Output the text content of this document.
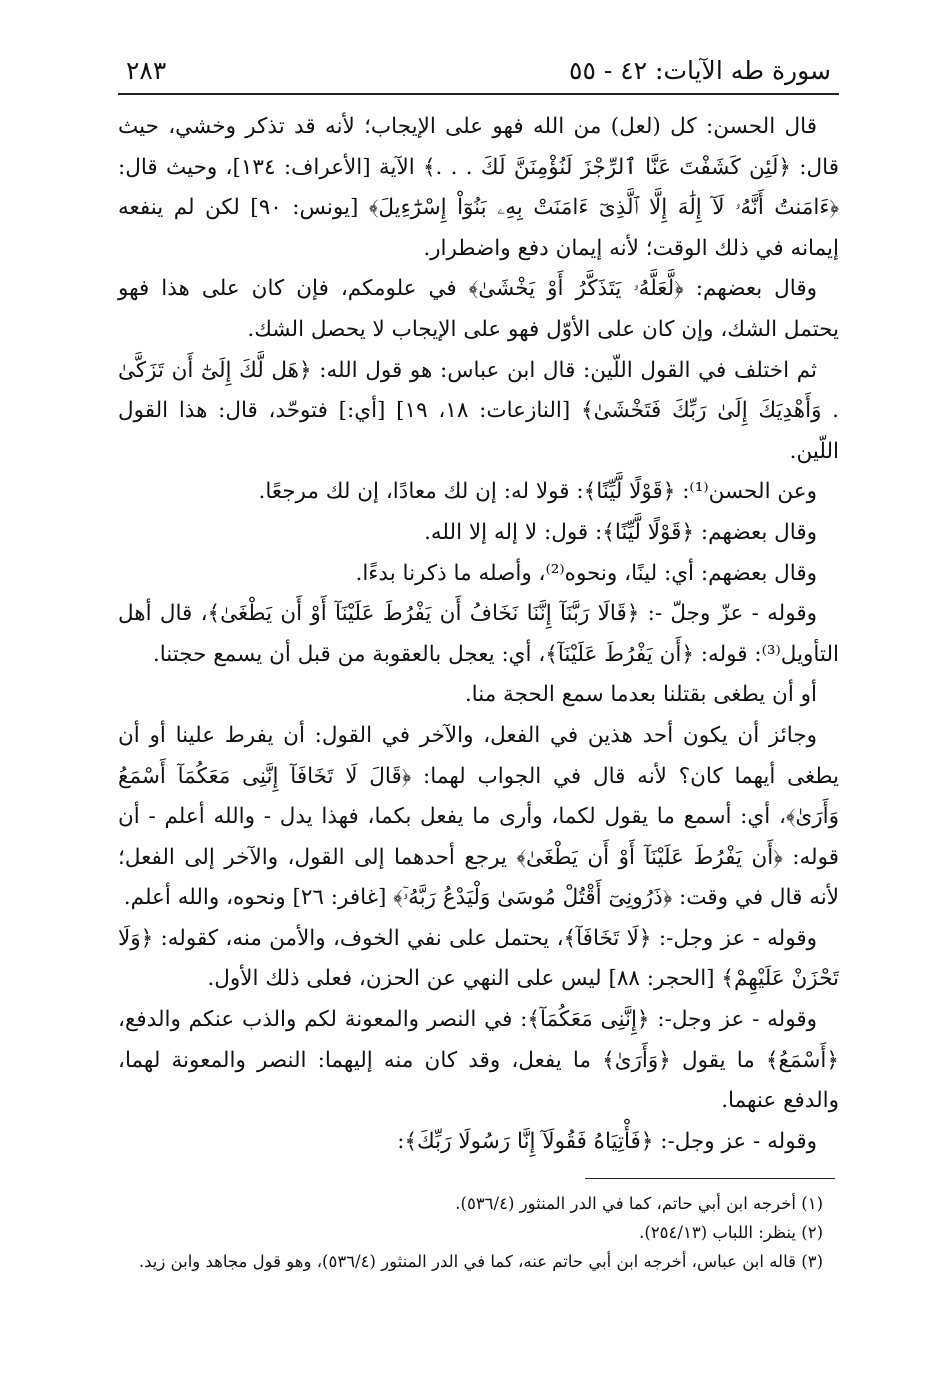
سورة طه الآيات: ٤٢ - ٥٥
٢٨٣

قال الحسن: كل (لعل) من الله فهو على الإيجاب؛ لأنه قد تذكر وخشي، حيث قال: ﴿لَئِن كَشَفْتَ عَنَّا ٱلرِّجْزَ لَنُؤْمِنَنَّ لَكَ . . .﴾ الآية [الأعراف: ١٣٤]، وحيث قال: ﴿ءَامَنتُ أَنَّهُۥ لَآ إِلَٰهَ إِلَّا ٱلَّذِىٓ ءَامَنَتْ بِهِۦ بَنُوٓاْ إِسْرَٰٓءِيلَ﴾ [يونس: ٩٠] لكن لم ينفعه إيمانه في ذلك الوقت؛ لأنه إيمان دفع واضطرار.

وقال بعضهم: ﴿لَّعَلَّهُۥ يَتَذَكَّرُ أَوْ يَخْشَىٰ﴾ في علومكم، فإن كان على هذا فهو يحتمل الشك، وإن كان على الأوّل فهو على الإيجاب لا يحصل الشك.

ثم اختلف في القول اللّين: قال ابن عباس: هو قول الله: ﴿هَل لَّكَ إِلَىٰٓ أَن تَزَكَّىٰ . وَأَهْدِيَكَ إِلَىٰ رَبِّكَ فَتَخْشَىٰ﴾ [النازعات: ١٨، ١٩] [أي:] فتوحّد، قال: هذا القول اللّين.

وعن الحسن⁽¹⁾: ﴿قَوْلًا لَّيِّنًا﴾: قولا له: إن لك معادًا، إن لك مرجعًا.

وقال بعضهم: ﴿قَوْلًا لَّيِّنًا﴾: قول: لا إله إلا الله.

وقال بعضهم: أي: لينًا، ونحوه⁽²⁾، وأصله ما ذكرنا بدءًا.

وقوله - عزّ وجلّ -: ﴿قَالَا رَبَّنَآ إِنَّنَا نَخَافُ أَن يَفْرُطَ عَلَيْنَآ أَوْ أَن يَطْغَىٰ﴾، قال أهل التأويل⁽³⁾: قوله: ﴿أَن يَفْرُطَ عَلَيْنَآ﴾، أي: يعجل بالعقوبة من قبل أن يسمع حجتنا.

أو أن يطغى بقتلنا بعدما سمع الحجة منا.

وجائز أن يكون أحد هذين في الفعل، والآخر في القول: أن يفرط علينا أو أن يطغى أيهما كان؟ لأنه قال في الجواب لهما: ﴿قَالَ لَا تَخَافَآ إِنَّنِى مَعَكُمَآ أَسْمَعُ وَأَرَىٰ﴾، أي: أسمع ما يقول لكما، وأرى ما يفعل بكما، فهذا يدل - والله أعلم - أن قوله: ﴿أَن يَفْرُطَ عَلَيْنَآ أَوْ أَن يَطْغَىٰ﴾ يرجع أحدهما إلى القول، والآخر إلى الفعل؛ لأنه قال في وقت: ﴿ذَرُونِىٓ أَقْتُلْ مُوسَىٰ وَلْيَدْعُ رَبَّهُۥٓ﴾ [غافر: ٢٦] ونحوه، والله أعلم.

وقوله - عز وجل-: ﴿لَا تَخَافَآ﴾، يحتمل على نفي الخوف، والأمن منه، كقوله: ﴿وَلَا تَحْزَنْ عَلَيْهِمْ﴾ [الحجر: ٨٨] ليس على النهي عن الحزن، فعلى ذلك الأول.

وقوله - عز وجل-: ﴿إِنَّنِى مَعَكُمَآ﴾: في النصر والمعونة لكم والذب عنكم والدفع، ﴿أَسْمَعُ﴾ ما يقول ﴿وَأَرَىٰ﴾ ما يفعل، وقد كان منه إليهما: النصر والمعونة لهما، والدفع عنهما.

وقوله - عز وجل-: ﴿فَأْتِيَاهُ فَقُولَآ إِنَّا رَسُولَا رَبِّكَ﴾:

(١) أخرجه ابن أبي حاتم، كما في الدر المنثور (٥٣٦/٤).

(٢) ينظر: اللباب (٢٥٤/١٣).

(٣) قاله ابن عباس، أخرجه ابن أبي حاتم عنه، كما في الدر المنثور (٥٣٦/٤)، وهو قول مجاهد وابن زيد.
